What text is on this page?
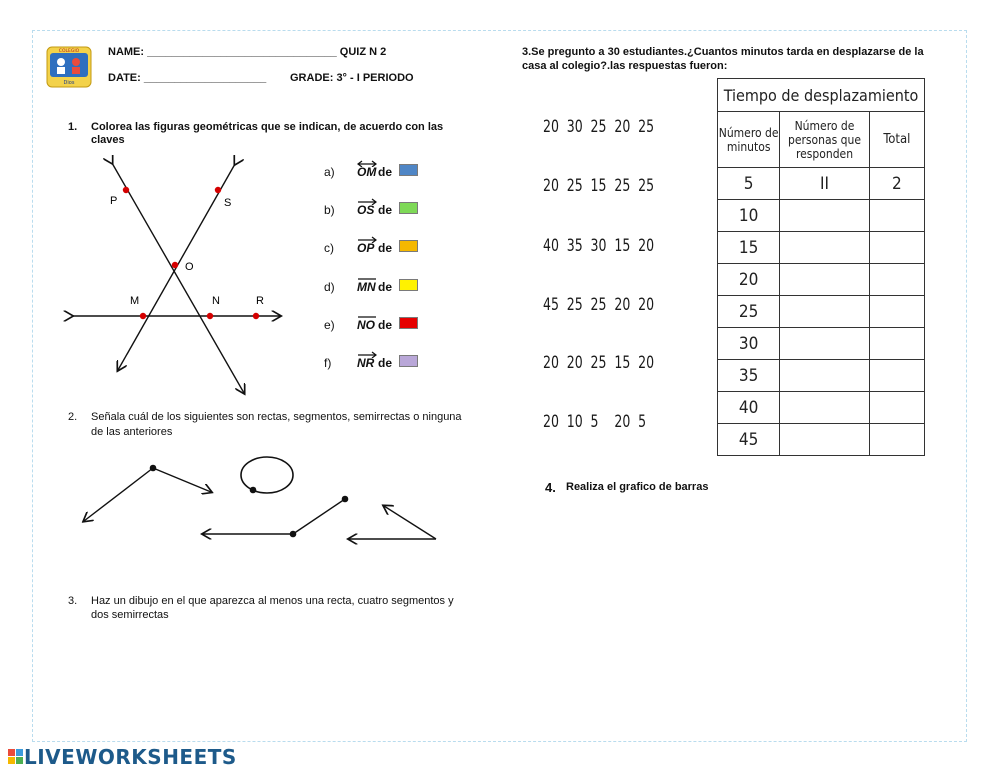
COLEGIO
Dios
NAME: _______________________________ QUIZ N 2
DATE: ____________________ GRADE: 3° - I PERIODO
1. Colorea las figuras geométricas que se indican, de acuerdo con las claves
P	S
O
M	N	R
a) OM de
b) OS de
c) OP de
d) MN de
e) NO de
f) NR de
2. Señala cuál de los siguientes son rectas, segmentos, semirrectas o ninguna
de las anteriores
3. Haz un dibujo en el que aparezca al menos una recta, cuatro segmentos y
dos semirrectas
3.Se pregunto a 30 estudiantes.¿Cuantos minutos tarda en desplazarse de la
casa al colegio?.las respuestas fueron:
20 30 25 20 25
20 25 15 25 25
40 35 30 15 20
45 25 25 20 20
20 20 25 15 20
20 10 5 20 5
Tiempo de desplazamiento		
Número de minutos	Número de personas que responden	Total
5	II	2
10		
15		
20		
25		
30		
35		
40		
45		
4. Realiza el grafico de barras
LIVEWORKSHEETS
